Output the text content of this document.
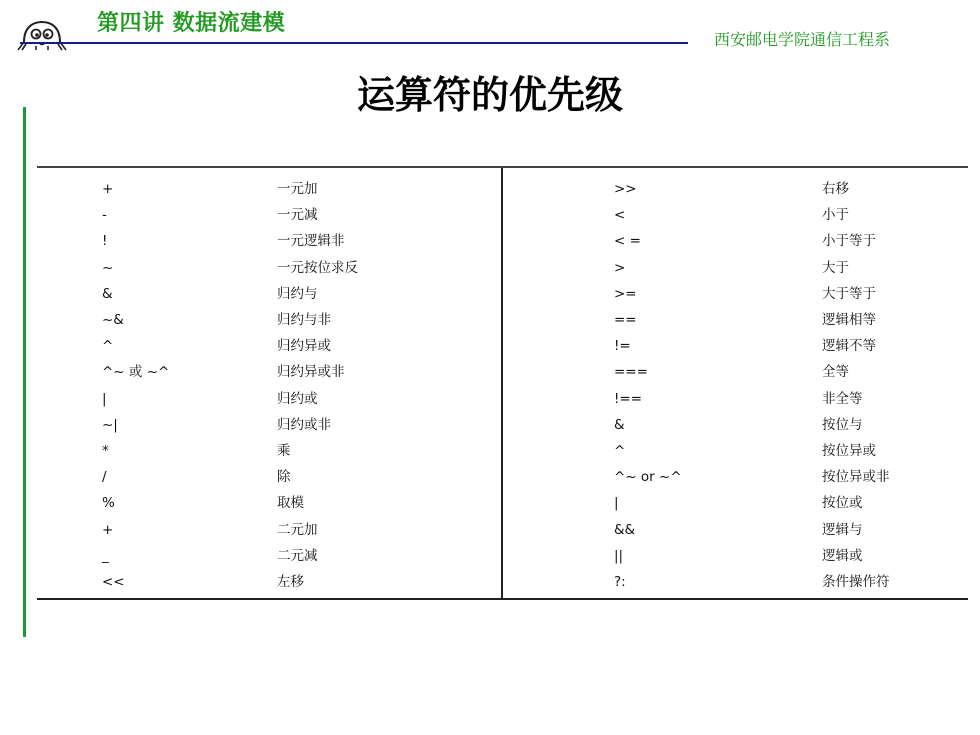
第四讲 数据流建模
西安邮电学院通信工程系
运算符的优先级
+	一元加
-	一元减
!	一元逻辑非
~	一元按位求反
&	归约与
~&	归约与非
^	归约异或
^~ 或 ~^	归约异或非
|	归约或
~|	归约或非
*	乘
/	除
%	取模
+	二元加
_	二元减
<<	左移
>>	右移
<	小于
< =	小于等于
>	大于
>=	大于等于
==	逻辑相等
!=	逻辑不等
===	全等
!==	非全等
&	按位与
^	按位异或
^~ or ~^	按位异或非
|	按位或
&&	逻辑与
||	逻辑或
?:	条件操作符
